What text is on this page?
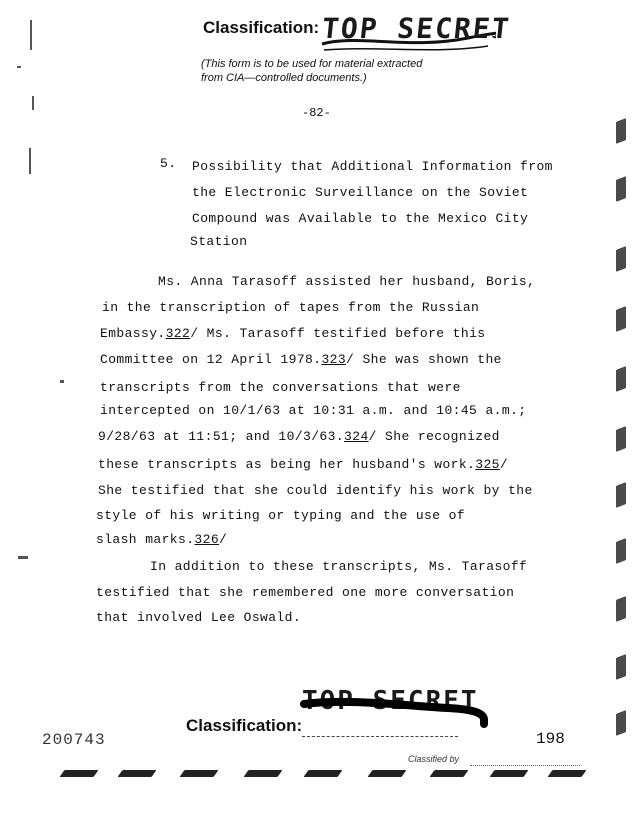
Classification: TOP SECRET
(This form is to be used for material extracted
from CIA—controlled documents.)
-82-
5. Possibility that Additional Information from
the Electronic Surveillance on the Soviet
Compound was Available to the Mexico City
Station
Ms. Anna Tarasoff assisted her husband, Boris,
in the transcription of tapes from the Russian
Embassy.322/ Ms. Tarasoff testified before this
Committee on 12 April 1978.323/ She was shown the
transcripts from the conversations that were
intercepted on 10/1/63 at 10:31 a.m. and 10:45 a.m.;
9/28/63 at 11:51; and 10/3/63.324/ She recognized
these transcripts as being her husband's work.325/
She testified that she could identify his work by the
style of his writing or typing and the use of
slash marks.326/
In addition to these transcripts, Ms. Tarasoff
testified that she remembered one more conversation
that involved Lee Oswald.
TOP SECRET
Classification:
200743	198
Classified by
